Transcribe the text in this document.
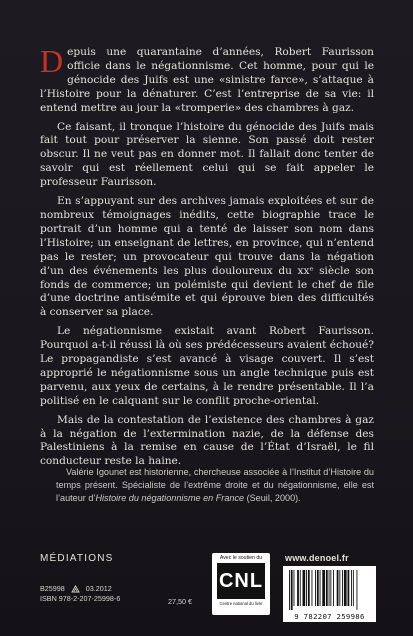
Depuis une quarantaine d’années, Robert Faurisson officie dans le négationnisme. Cet homme, pour qui le génocide des Juifs est une «sinistre farce», s’attaque à l’Histoire pour la dénaturer. C’est l’entreprise de sa vie: il entend mettre au jour la «tromperie» des chambres à gaz.

Ce faisant, il tronque l’histoire du génocide des Juifs mais fait tout pour préserver la sienne. Son passé doit rester obscur. Il ne veut pas en donner mot. Il fallait donc tenter de savoir qui est réellement celui qui se fait appeler le professeur Faurisson.

En s’appuyant sur des archives jamais exploitées et sur de nombreux témoignages inédits, cette biographie trace le portrait d’un homme qui a tenté de laisser son nom dans l’Histoire; un enseignant de lettres, en province, qui n’entend pas le rester; un provocateur qui trouve dans la négation d’un des événements les plus douloureux du xxᵉ siècle son fonds de commerce; un polémiste qui devient le chef de file d’une doctrine antisémite et qui éprouve bien des difficultés à conserver sa place.

Le négationnisme existait avant Robert Faurisson. Pourquoi a-t-il réussi là où ses prédécesseurs avaient échoué? Le propagandiste s’est avancé à visage couvert. Il s’est approprié le négationnisme sous un angle technique puis est parvenu, aux yeux de certains, à le rendre présentable. Il l’a politisé en le calquant sur le conflit proche-oriental.

Mais de la contestation de l’existence des chambres à gaz à la négation de l’extermination nazie, de la défense des Palestiniens à la remise en cause de l’État d’Israël, le fil conducteur reste la haine.

Valérie Igounet est historienne, chercheuse associée à l’Institut d’Histoire du temps présent. Spécialiste de l’extrême droite et du négationnisme, elle est l’auteur d’Histoire du négationnisme en France (Seuil, 2000).

MÉDIATIONS
B25998	03.2012
ISBN 978-2-207-25998-6	27,50 €
Avec le soutien du
CNL
Centre national du livre
www.denoel.fr
9 782207 259986
